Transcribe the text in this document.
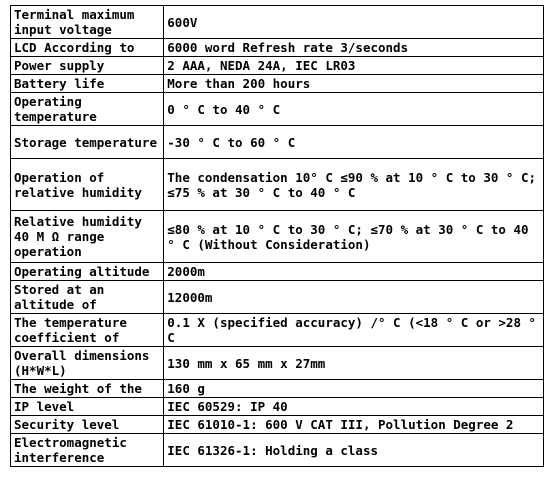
Terminal maximum input voltage	600V
LCD According to	6000 word Refresh rate 3/seconds
Power supply	2 AAA, NEDA 24A, IEC LR03
Battery life	More than 200 hours
Operating temperature	0 ° C to 40 ° C
Storage temperature	-30 ° C to 60 ° C
Operation of relative humidity	The condensation 10° C ≤90 % at 10 ° C to 30 ° C; ≤75 % at 30 ° C to 40 ° C
Relative humidity 40 M Ω range operation	≤80 % at 10 ° C to 30 ° C; ≤70 % at 30 ° C to 40 ° C (Without Consideration)
Operating altitude	2000m
Stored at an altitude of	12000m
The temperature coefficient of	0.1 X (specified accuracy) /° C (<18 ° C or >28 ° C
Overall dimensions (H*W*L)	130 mm x 65 mm x 27mm
The weight of the	160 g
IP level	IEC 60529: IP 40
Security level	IEC 61010-1: 600 V CAT III, Pollution Degree 2
Electromagnetic interference	IEC 61326-1: Holding a class
